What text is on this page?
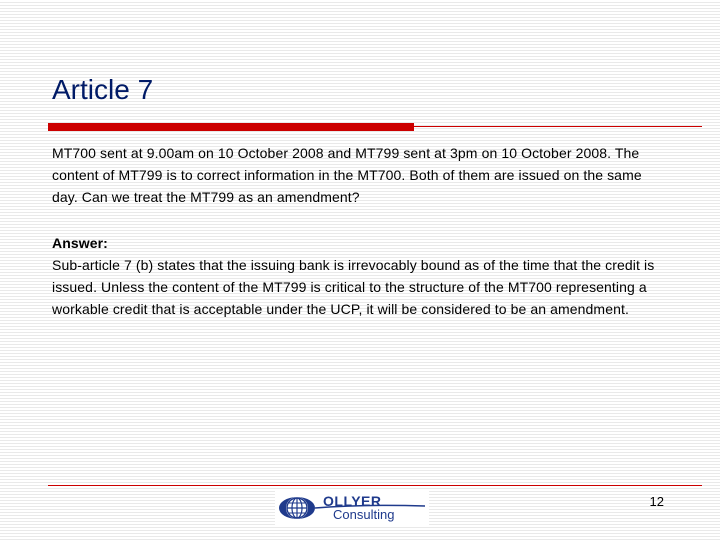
Article 7
MT700 sent at 9.00am on 10 October 2008 and MT799 sent at 3pm on 10 October 2008. The content of MT799 is to correct information in the MT700. Both of them are issued on the same day. Can we treat the MT799 as an amendment?
Answer:
Sub-article 7 (b) states that the issuing bank is irrevocably bound as of the time that the credit is issued. Unless the content of the MT799 is critical to the structure of the MT700 representing a workable credit that is acceptable under the UCP, it will be considered to be an amendment.
OLLYER
Consulting
12
